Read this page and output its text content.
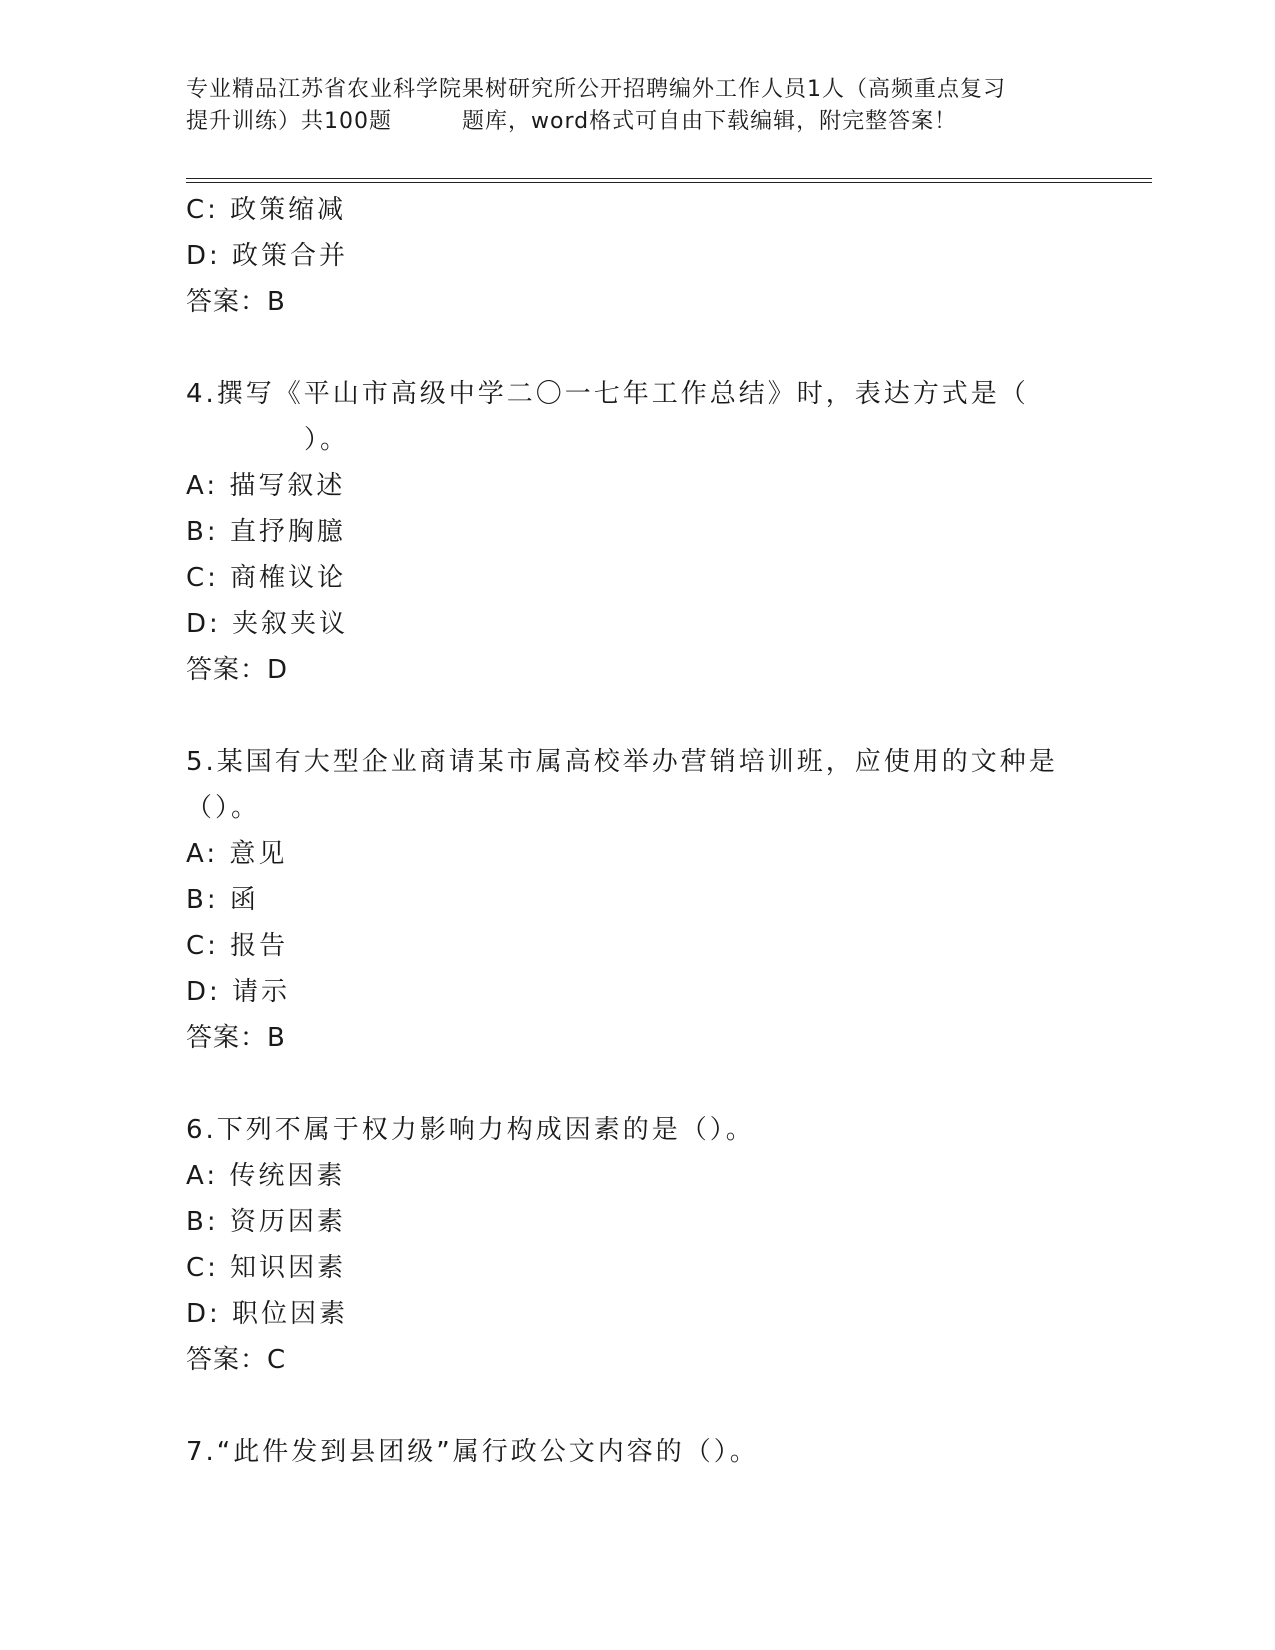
专业精品江苏省农业科学院果树研究所公开招聘编外工作人员1人（高频重点复习
提升训练）共100题	题库，word格式可自由下载编辑，附完整答案！
C: 政策缩减
D: 政策合并
答案：B
4.撰写《平山市高级中学二〇一七年工作总结》时，表达方式是（
）。
A: 描写叙述
B: 直抒胸臆
C: 商榷议论
D: 夹叙夹议
答案：D
5.某国有大型企业商请某市属高校举办营销培训班，应使用的文种是
（）。
A: 意见
B: 函
C: 报告
D: 请示
答案：B
6.下列不属于权力影响力构成因素的是（）。
A: 传统因素
B: 资历因素
C: 知识因素
D: 职位因素
答案：C
7.“此件发到县团级”属行政公文内容的（）。
